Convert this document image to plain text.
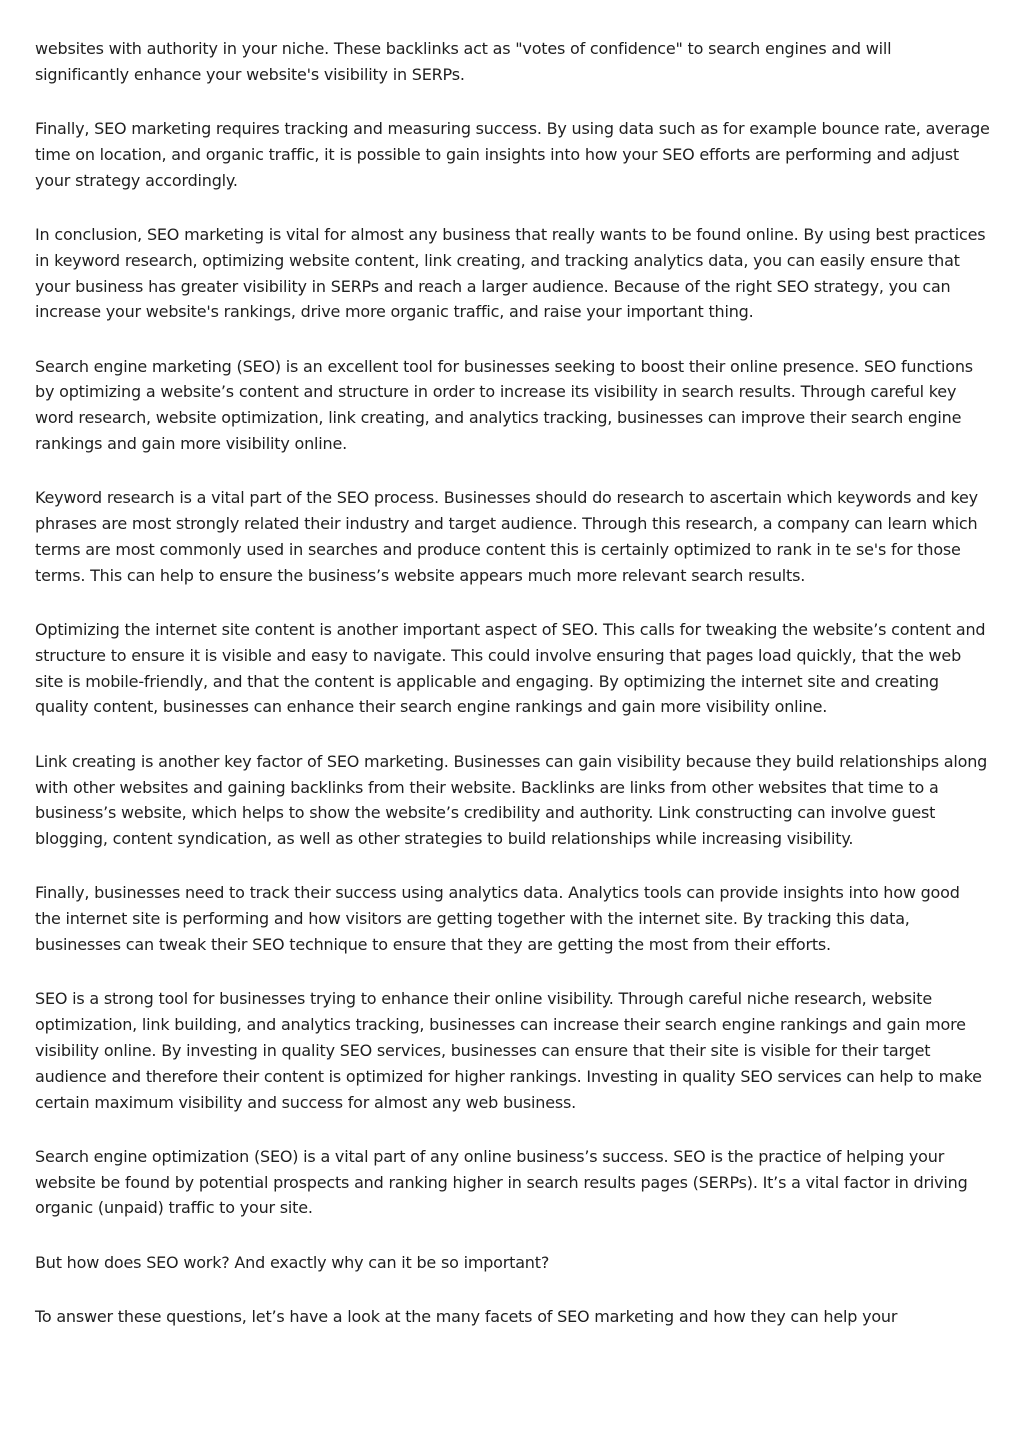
websites with authority in your niche. These backlinks act as "votes of confidence" to search engines and will significantly enhance your website's visibility in SERPs.

Finally, SEO marketing requires tracking and measuring success. By using data such as for example bounce rate, average time on location, and organic traffic, it is possible to gain insights into how your SEO efforts are performing and adjust your strategy accordingly.

In conclusion, SEO marketing is vital for almost any business that really wants to be found online. By using best practices in keyword research, optimizing website content, link creating, and tracking analytics data, you can easily ensure that your business has greater visibility in SERPs and reach a larger audience. Because of the right SEO strategy, you can increase your website's rankings, drive more organic traffic, and raise your important thing.

Search engine marketing (SEO) is an excellent tool for businesses seeking to boost their online presence. SEO functions by optimizing a website’s content and structure in order to increase its visibility in search results. Through careful key word research, website optimization, link creating, and analytics tracking, businesses can improve their search engine rankings and gain more visibility online.

Keyword research is a vital part of the SEO process. Businesses should do research to ascertain which keywords and key phrases are most strongly related their industry and target audience. Through this research, a company can learn which terms are most commonly used in searches and produce content this is certainly optimized to rank in te se's for those terms. This can help to ensure the business’s website appears much more relevant search results.

Optimizing the internet site content is another important aspect of SEO. This calls for tweaking the website’s content and structure to ensure it is visible and easy to navigate. This could involve ensuring that pages load quickly, that the web site is mobile-friendly, and that the content is applicable and engaging. By optimizing the internet site and creating quality content, businesses can enhance their search engine rankings and gain more visibility online.

Link creating is another key factor of SEO marketing. Businesses can gain visibility because they build relationships along with other websites and gaining backlinks from their website. Backlinks are links from other websites that time to a business’s website, which helps to show the website’s credibility and authority. Link constructing can involve guest blogging, content syndication, as well as other strategies to build relationships while increasing visibility.

Finally, businesses need to track their success using analytics data. Analytics tools can provide insights into how good the internet site is performing and how visitors are getting together with the internet site. By tracking this data, businesses can tweak their SEO technique to ensure that they are getting the most from their efforts.

SEO is a strong tool for businesses trying to enhance their online visibility. Through careful niche research, website optimization, link building, and analytics tracking, businesses can increase their search engine rankings and gain more visibility online. By investing in quality SEO services, businesses can ensure that their site is visible for their target audience and therefore their content is optimized for higher rankings. Investing in quality SEO services can help to make certain maximum visibility and success for almost any web business.

Search engine optimization (SEO) is a vital part of any online business’s success. SEO is the practice of helping your website be found by potential prospects and ranking higher in search results pages (SERPs). It’s a vital factor in driving organic (unpaid) traffic to your site.

But how does SEO work? And exactly why can it be so important?

To answer these questions, let’s have a look at the many facets of SEO marketing and how they can help your
